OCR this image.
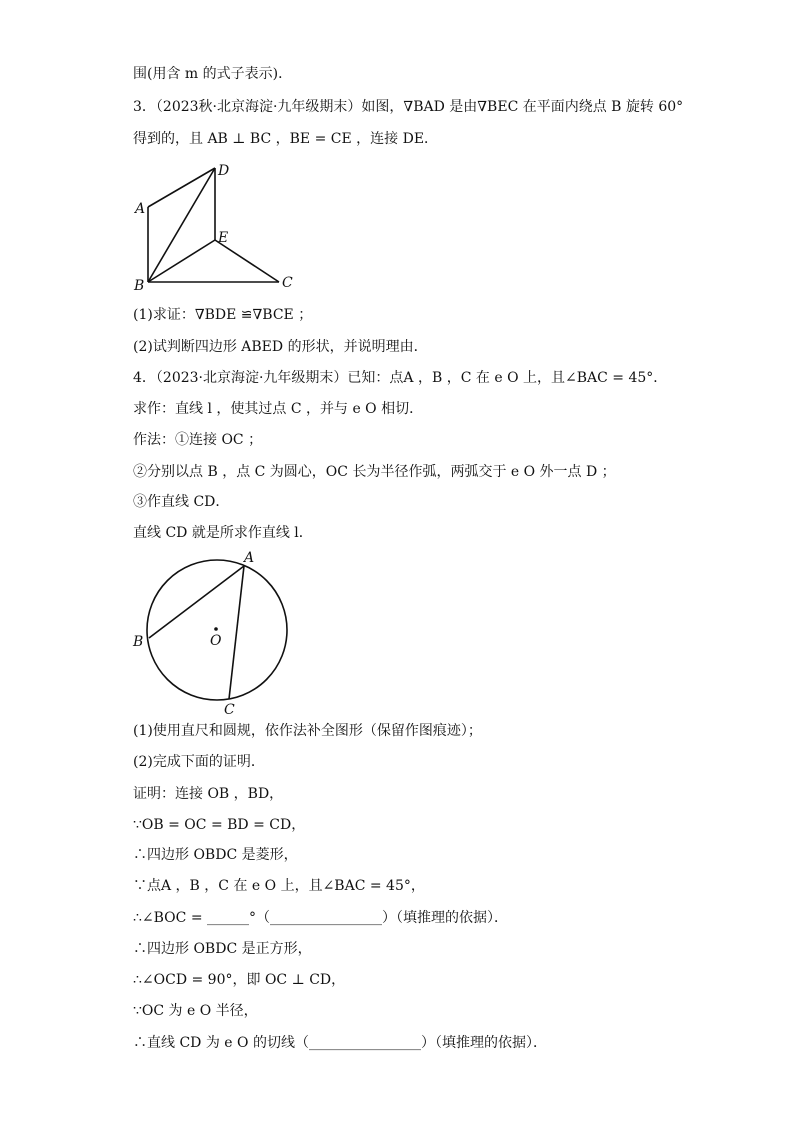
围(用含 m 的式子表示)．
3．（2023秋·北京海淀·九年级期末）如图，∇BAD 是由∇BEC 在平面内绕点 B 旋转 60°
得到的，且 AB ⊥ BC ，BE = CE ，连接 DE．
A
B	C
D
E
(1)求证：∇BDE ≌∇BCE ；
(2)试判断四边形 ABED 的形状，并说明理由．
4．（2023·北京海淀·九年级期末）已知：点A ，B ，C 在 e O 上，且∠BAC = 45°．
求作：直线 l ，使其过点 C ，并与 e O 相切．
作法：①连接 OC ；
②分别以点 B ，点 C 为圆心，OC 长为半径作弧，两弧交于 e O 外一点 D ；
③作直线 CD．
直线 CD 就是所求作直线 l．
A
B
C
O
(1)使用直尺和圆规，依作法补全图形（保留作图痕迹）；
(2)完成下面的证明．
证明：连接 OB ，BD，
∵OB = OC = BD = CD，
∴四边形 OBDC 是菱形，
∵点A ，B ，C 在 e O 上，且∠BAC = 45°，
∴∠BOC = ______°（________________）（填推理的依据）．
∴四边形 OBDC 是正方形，
∴∠OCD = 90°，即 OC ⊥ CD，
∵OC 为 e O 半径，
∴直线 CD 为 e O 的切线（________________）（填推理的依据）．
